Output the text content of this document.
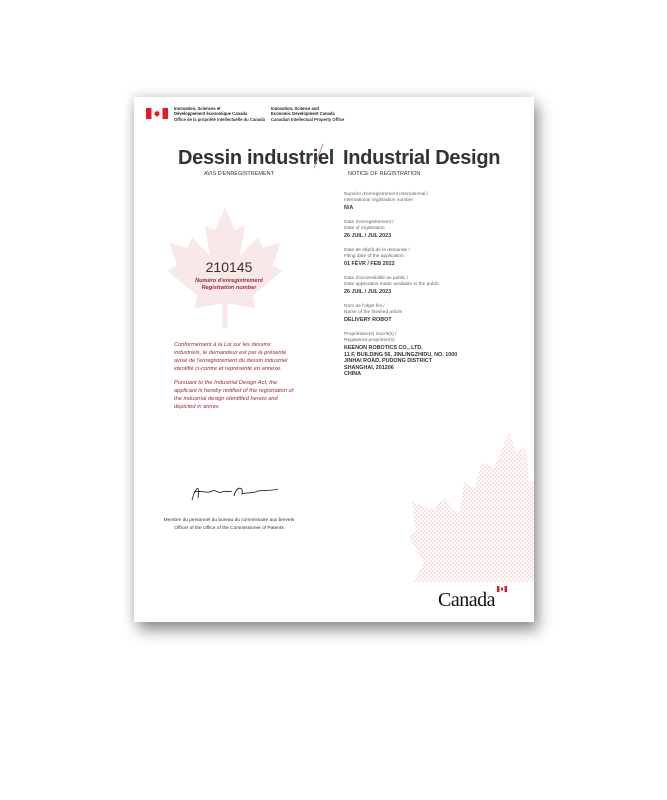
Innovation, Sciences et
Développement économique Canada
Office de la propriété intellectuelle du Canada
Innovation, Science and
Economic Development Canada
Canadian Intellectual Property Office
Dessin industriel Industrial Design
AVIS D'ENREGISTREMENT	NOTICE OF REGISTRATION
210145
Numéro d'enregistrement
Registration number

Conformément à la Loi sur les dessins industriels, le demandeur est par la présente avisé de l'enregistrement du dessin industriel identifié ci-contre et représenté en annexe.

Pursuant to the Industrial Design Act, the applicant is hereby notified of the registration of the industrial design identified hereto and depicted in annex.

Numéro d'enregistrement international /
International registration number
N/A
Date d'enregistrement /
Date of registration
26 JUIL / JUL 2023
Date de dépôt de la demande /
Filing date of the application
01 FÉVR / FEB 2022
Date d'accessibilité au public /
Date application made available to the public
26 JUIL / JUL 2023
Nom de l'objet fini /
Name of the finished article
DELIVERY ROBOT
Propriétaire(s) inscrit(s) /
Registered proprietor(s)
KEENON ROBOTICS CO., LTD.
11 F, BUILDING 56, JINLINGZHIDU, NO. 1000
JINHAI ROAD, PUDONG DISTRICT
SHANGHAI, 201206
CHINA
Membre du personnel du bureau du commissaire aux brevets
Officer of the Office of the Commissioner of Patents
Canada
